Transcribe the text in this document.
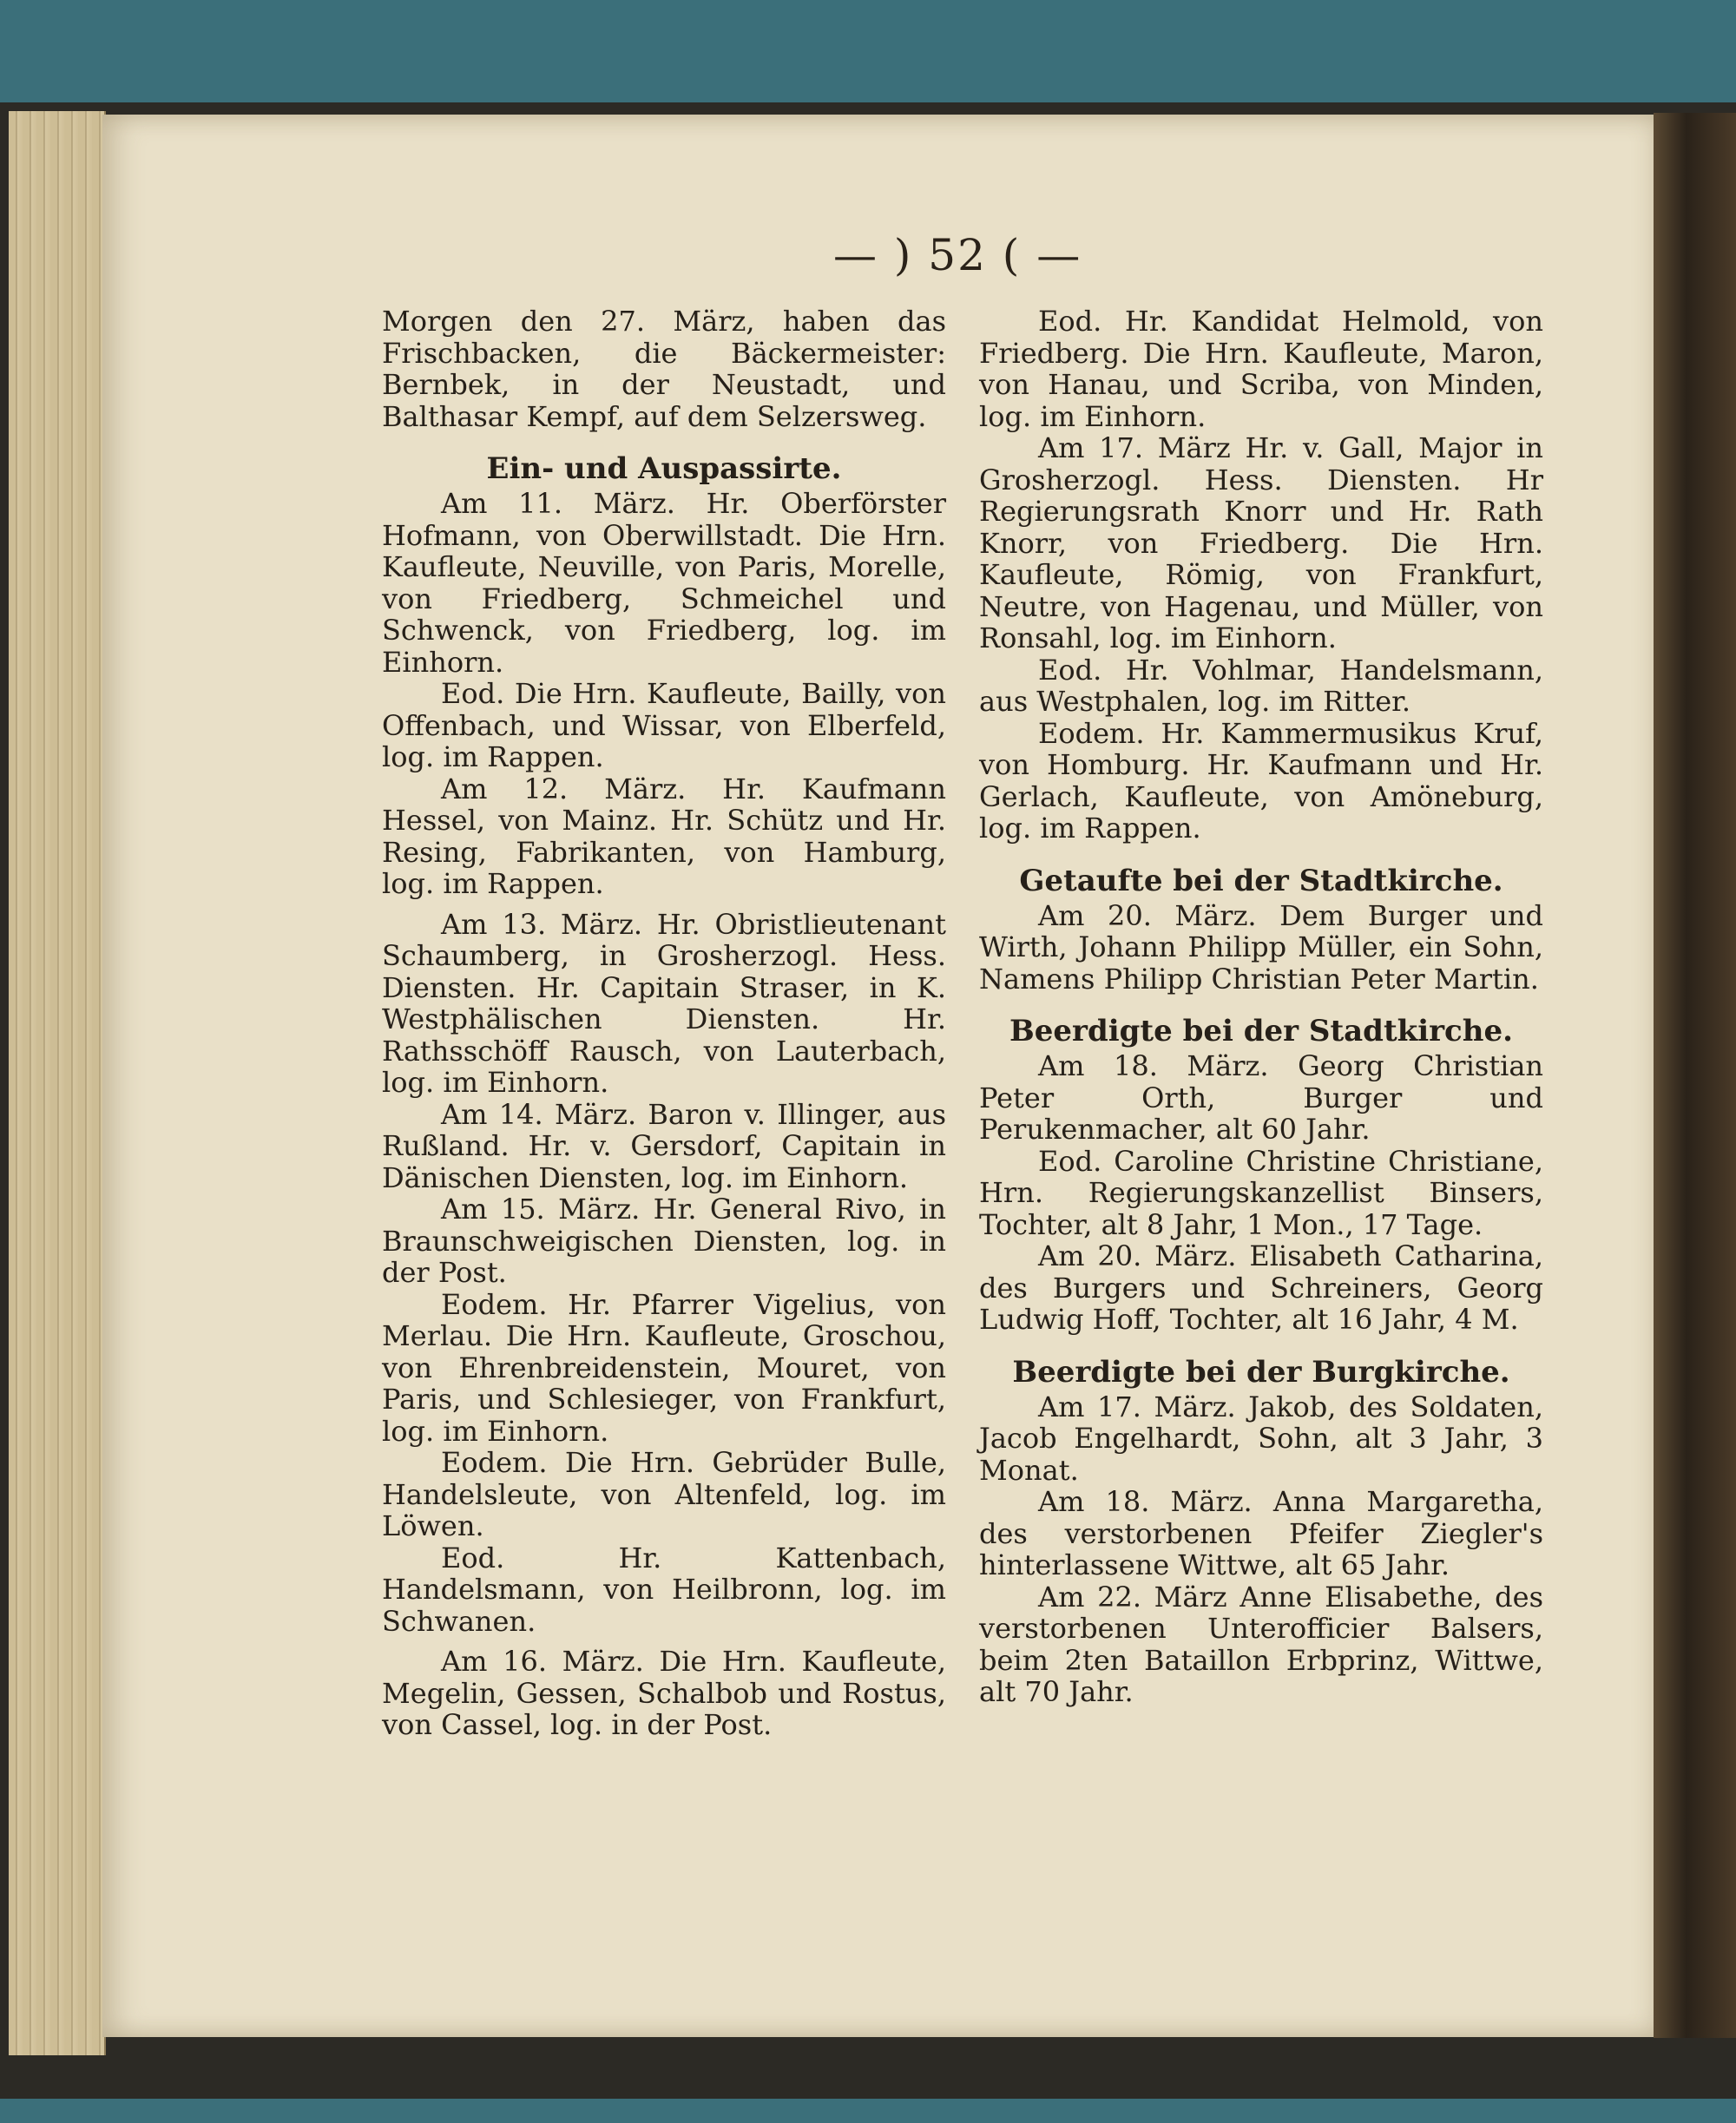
— ) 52 ( —

Morgen den 27. März, haben das Frischbacken, die Bäckermeister: Bernbek, in der Neustadt, und Balthasar Kempf, auf dem Selzersweg.

Ein- und Auspassirte.

Am 11. März. Hr. Oberförster Hofmann, von Oberwillstadt. Die Hrn. Kaufleute, Neuville, von Paris, Morelle, von Friedberg, Schmeichel und Schwenck, von Friedberg, log. im Einhorn.

Eod. Die Hrn. Kaufleute, Bailly, von Offenbach, und Wissar, von Elberfeld, log. im Rappen.

Am 12. März. Hr. Kaufmann Hessel, von Mainz. Hr. Schütz und Hr. Resing, Fabrikanten, von Hamburg, log. im Rappen.

Am 13. März. Hr. Obristlieutenant Schaumberg, in Grosherzogl. Hess. Diensten. Hr. Capitain Straser, in K. Westphälischen Diensten. Hr. Rathsschöff Rausch, von Lauterbach, log. im Einhorn.

Am 14. März. Baron v. Illinger, aus Rußland. Hr. v. Gersdorf, Capitain in Dänischen Diensten, log. im Einhorn.

Am 15. März. Hr. General Rivo, in Braunschweigischen Diensten, log. in der Post.

Eodem. Hr. Pfarrer Vigelius, von Merlau. Die Hrn. Kaufleute, Groschou, von Ehrenbreidenstein, Mouret, von Paris, und Schlesieger, von Frankfurt, log. im Einhorn.

Eodem. Die Hrn. Gebrüder Bulle, Handelsleute, von Altenfeld, log. im Löwen.

Eod. Hr. Kattenbach, Handelsmann, von Heilbronn, log. im Schwanen.

Am 16. März. Die Hrn. Kaufleute, Megelin, Gessen, Schalbob und Rostus, von Cassel, log. in der Post.

Eod. Hr. Kandidat Helmold, von Friedberg. Die Hrn. Kaufleute, Maron, von Hanau, und Scriba, von Minden, log. im Einhorn.

Am 17. März Hr. v. Gall, Major in Grosherzogl. Hess. Diensten. Hr Regierungsrath Knorr und Hr. Rath Knorr, von Friedberg. Die Hrn. Kaufleute, Römig, von Frankfurt, Neutre, von Hagenau, und Müller, von Ronsahl, log. im Einhorn.

Eod. Hr. Vohlmar, Handelsmann, aus Westphalen, log. im Ritter.

Eodem. Hr. Kammermusikus Kruf, von Homburg. Hr. Kaufmann und Hr. Gerlach, Kaufleute, von Amöneburg, log. im Rappen.

Getaufte bei der Stadtkirche.

Am 20. März. Dem Burger und Wirth, Johann Philipp Müller, ein Sohn, Namens Philipp Christian Peter Martin.

Beerdigte bei der Stadtkirche.

Am 18. März. Georg Christian Peter Orth, Burger und Perukenmacher, alt 60 Jahr.

Eod. Caroline Christine Christiane, Hrn. Regierungskanzellist Binsers, Tochter, alt 8 Jahr, 1 Mon., 17 Tage.

Am 20. März. Elisabeth Catharina, des Burgers und Schreiners, Georg Ludwig Hoff, Tochter, alt 16 Jahr, 4 M.

Beerdigte bei der Burgkirche.

Am 17. März. Jakob, des Soldaten, Jacob Engelhardt, Sohn, alt 3 Jahr, 3 Monat.

Am 18. März. Anna Margaretha, des verstorbenen Pfeifer Ziegler's hinterlassene Wittwe, alt 65 Jahr.

Am 22. März Anne Elisabethe, des verstorbenen Unterofficier Balsers, beim 2ten Bataillon Erbprinz, Wittwe, alt 70 Jahr.
